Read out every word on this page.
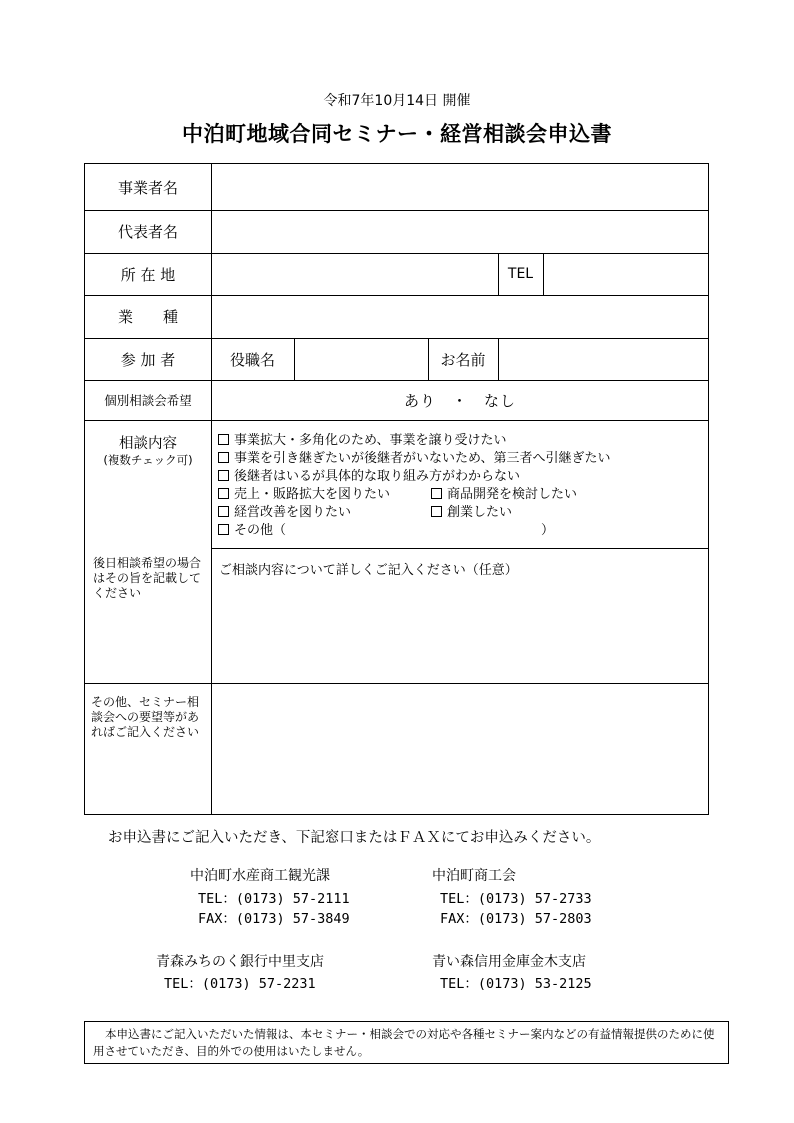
令和7年10月14日 開催
中泊町地域合同セミナー・経営相談会申込書
事業者名
代表者名
所 在 地	TEL
業　　種
参 加 者	役職名	お名前
個別相談会希望	あり　・　なし
相談内容
(複数チェック可)
事業拡大・多角化のため、事業を譲り受けたい
事業を引き継ぎたいが後継者がいないため、第三者へ引継ぎたい
後継者はいるが具体的な取り組み方がわからない
売上・販路拡大を図りたい	商品開発を検討したい
経営改善を図りたい	創業したい
その他（	）
後日相談希望の場合はその旨を記載してください
ご相談内容について詳しくご記入ください（任意）
その他、セミナー相談会への要望等があればご記入ください
お申込書にご記入いただき、下記窓口またはＦＡＸにてお申込みください。
中泊町水産商工観光課
TEL：(0173) 57-2111
FAX：(0173) 57-3849
中泊町商工会
TEL：(0173) 57-2733
FAX：(0173) 57-2803
青森みちのく銀行中里支店
TEL：(0173) 57-2231
青い森信用金庫金木支店
TEL：(0173) 53-2125
本申込書にご記入いただいた情報は、本セミナー・相談会での対応や各種セミナー案内などの有益情報提供のために使用させていただき、目的外での使用はいたしません。
